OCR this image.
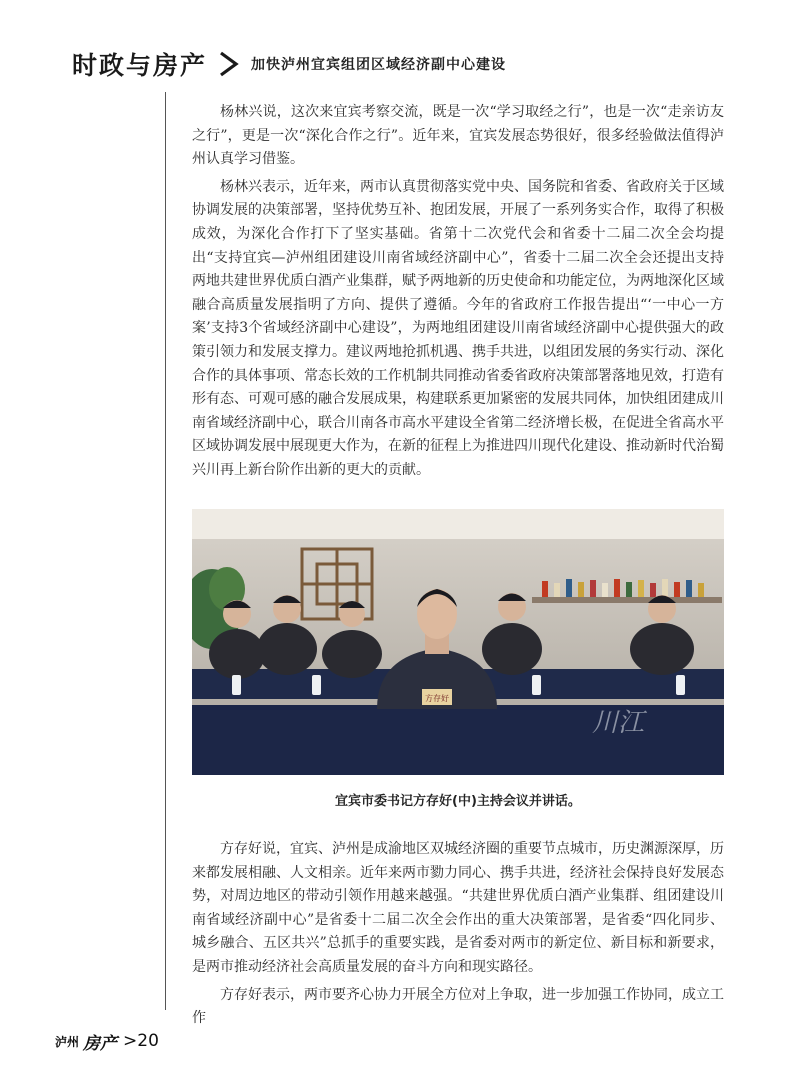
时政与房产	加快泸州宜宾组团区域经济副中心建设

杨林兴说，这次来宜宾考察交流，既是一次“学习取经之行”，也是一次“走亲访友之行”，更是一次“深化合作之行”。近年来，宜宾发展态势很好，很多经验做法值得泸州认真学习借鉴。

杨林兴表示，近年来，两市认真贯彻落实党中央、国务院和省委、省政府关于区域协调发展的决策部署，坚持优势互补、抱团发展，开展了一系列务实合作，取得了积极成效，为深化合作打下了坚实基础。省第十二次党代会和省委十二届二次全会均提出“支持宜宾—泸州组团建设川南省域经济副中心”，省委十二届二次全会还提出支持两地共建世界优质白酒产业集群，赋予两地新的历史使命和功能定位，为两地深化区域融合高质量发展指明了方向、提供了遵循。今年的省政府工作报告提出“‘一中心一方案’支持3个省域经济副中心建设”，为两地组团建设川南省域经济副中心提供强大的政策引领力和发展支撑力。建议两地抢抓机遇、携手共进，以组团发展的务实行动、深化合作的具体事项、常态长效的工作机制共同推动省委省政府决策部署落地见效，打造有形有态、可观可感的融合发展成果，构建联系更加紧密的发展共同体，加快组团建成川南省域经济副中心，联合川南各市高水平建设全省第二经济增长极，在促进全省高水平区域协调发展中展现更大作为，在新的征程上为推进四川现代化建设、推动新时代治蜀兴川再上新台阶作出新的更大的贡献。

方存好
川江
宜宾市委书记方存好(中)主持会议并讲话。

方存好说，宜宾、泸州是成渝地区双城经济圈的重要节点城市，历史渊源深厚，历来都发展相融、人文相亲。近年来两市勠力同心、携手共进，经济社会保持良好发展态势，对周边地区的带动引领作用越来越强。“共建世界优质白酒产业集群、组团建设川南省域经济副中心”是省委十二届二次全会作出的重大决策部署，是省委“四化同步、城乡融合、五区共兴”总抓手的重要实践，是省委对两市的新定位、新目标和新要求，是两市推动经济社会高质量发展的奋斗方向和现实路径。

方存好表示，两市要齐心协力开展全方位对上争取，进一步加强工作协同，成立工作

泸州 房产 >20
